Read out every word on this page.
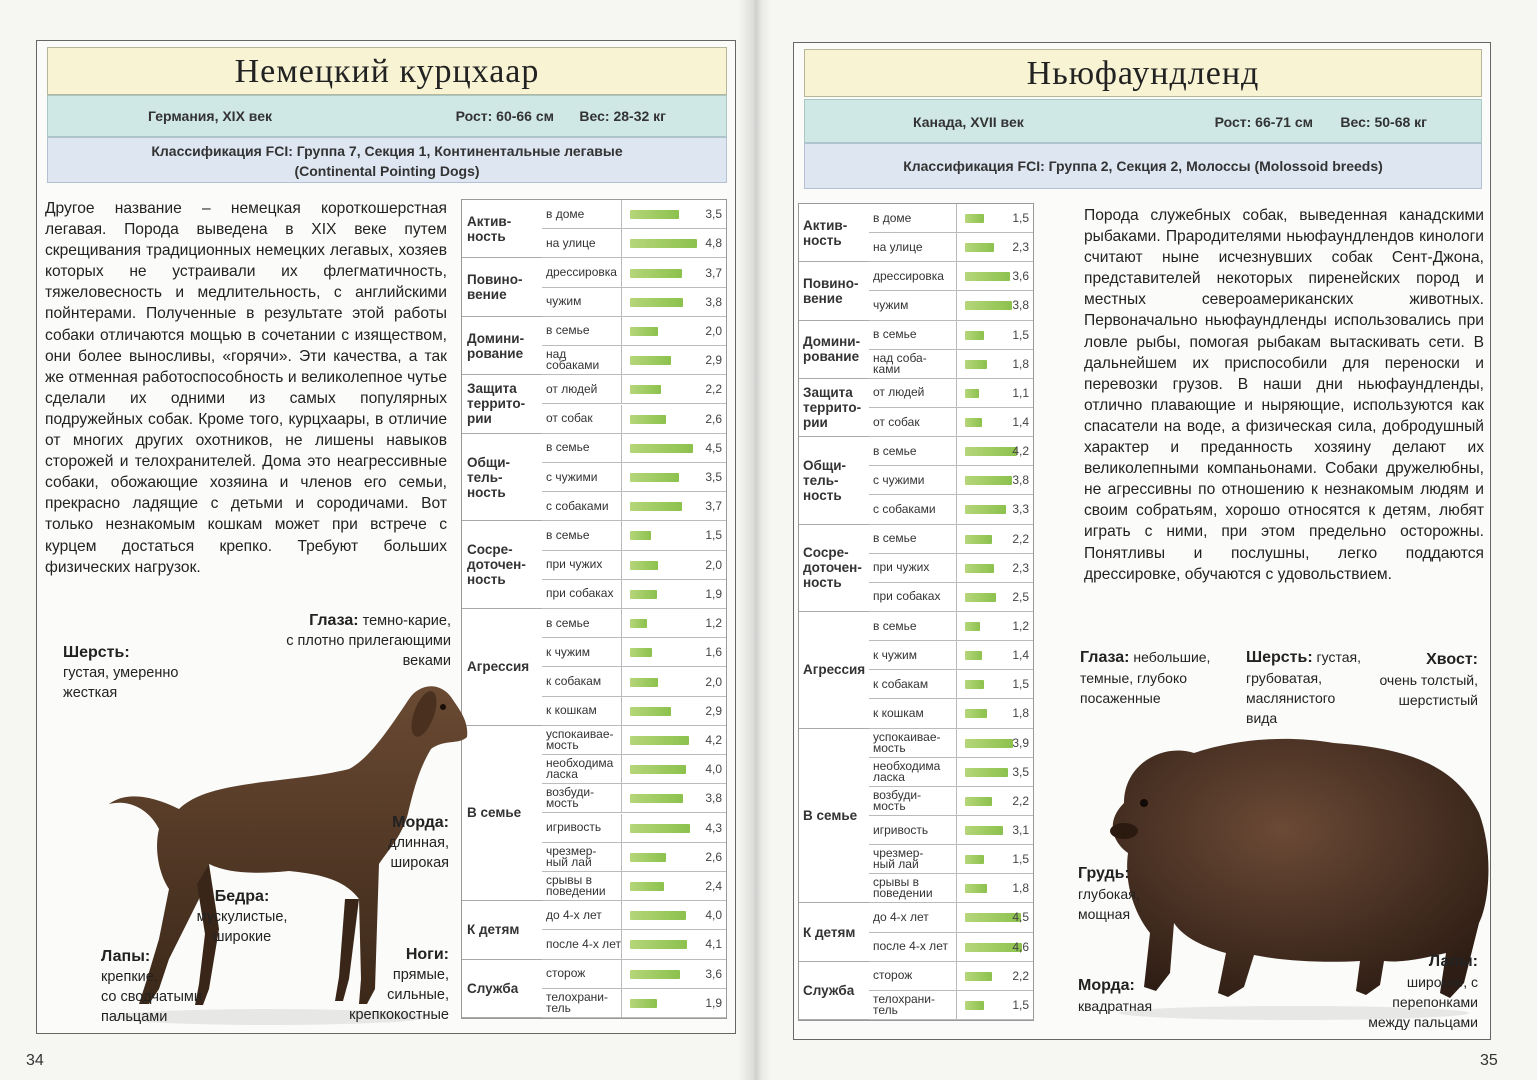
Немецкий курцхаар
Германия, XIX век	Рост: 60-66 см Вес: 28-32 кг
Классификация FCI: Группа 7, Секция 1, Континентальные легавые
(Continental Pointing Dogs)
Другое название – немецкая короткошерстная легавая. Порода выведена в XIX веке путем скрещивания традиционных немецких легавых, хозяев которых не устраивали их флегматичность, тяжеловесность и медлительность, с английскими пойнтерами. Полученные в результате этой работы собаки отличаются мощью в сочетании с изяществом, они более выносливы, «горячи». Эти качества, а так же отменная работоспособность и великолепное чутье сделали их одними из самых популярных подружейных собак. Кроме того, курцхаары, в отличие от многих других охотников, не лишены навыков сторожей и телохранителей. Дома это неагрессивные собаки, обожающие хозяина и членов его семьи, прекрасно ладящие с детьми и сородичами. Вот только незнакомым кошкам может при встрече с курцем достаться крепко. Требуют больших физических нагрузок.
Актив-
ность
в доме	3,5
на улице	4,8
Повино-
вение
дрессировка	3,7
чужим	3,8
Домини-
рование
в семье	2,0
над собаками	2,9
Защита
террито-
рии
от людей	2,2
от собак	2,6
Общи-
тель-
ность
в семье	4,5
с чужими	3,5
с собаками	3,7
Сосре-
доточен-
ность
в семье	1,5
при чужих	2,0
при собаках	1,9
Агрессия
в семье	1,2
к чужим	1,6
к собакам	2,0
к кошкам	2,9
В семье
успокаивае-
мость	4,2
необходима
ласка	4,0
возбуди-
мость	3,8
игривость	4,3
чрезмер-
ный лай	2,6
срывы в
поведении	2,4
К детям
до 4-х лет	4,0
после 4-х лет	4,1
Служба
сторож	3,6
телохрани-
тель	1,9
Глаза: темно-карие,
с плотно прилегающими веками
Шерсть:
густая, умеренно
жесткая
Морда:
длинная,
широкая
Бедра:
мускулистые,
широкие
Лапы:
крепкие,
со сводчатыми
пальцами
Ноги:
прямые,
сильные,
крепкокостные
Ньюфаундленд
Канада, XVII век	Рост: 66-71 см Вес: 50-68 кг
Классификация FCI: Группа 2, Секция 2, Молоссы (Molossoid breeds)
Актив-
ность
в доме	1,5
на улице	2,3
Повино-
вение
дрессировка	3,6
чужим	3,8
Домини-
рование
в семье	1,5
над соба-
ками	1,8
Защита
террито-
рии
от людей	1,1
от собак	1,4
Общи-
тель-
ность
в семье	4,2
с чужими	3,8
с собаками	3,3
Сосре-
доточен-
ность
в семье	2,2
при чужих	2,3
при собаках	2,5
Агрессия
в семье	1,2
к чужим	1,4
к собакам	1,5
к кошкам	1,8
В семье
успокаивае-
мость	3,9
необходима
ласка	3,5
возбуди-
мость	2,2
игривость	3,1
чрезмер-
ный лай	1,5
срывы в
поведении	1,8
К детям
до 4-х лет	4,5
после 4-х лет	4,6
Служба
сторож	2,2
телохрани-
тель	1,5
Порода служебных собак, выведенная канадскими рыбаками. Прародителями ньюфаундлендов кинологи считают ныне исчезнувших собак Сент-Джона, представителей некоторых пиренейских пород и местных североамериканских животных. Первоначально ньюфаундленды использовались при ловле рыбы, помогая рыбакам вытаскивать сети. В дальнейшем их приспособили для переноски и перевозки грузов. В наши дни ньюфаундленды, отлично плавающие и ныряющие, используются как спасатели на воде, а физическая сила, добродушный характер и преданность хозяину делают их великолепными компаньонами. Собаки дружелюбны, не агрессивны по отношению к незнакомым людям и своим собратьям, хорошо относятся к детям, любят играть с ними, при этом предельно осторожны. Понятливы и послушны, легко поддаются дрессировке, обучаются с удовольствием.
Глаза: небольшие,
темные, глубоко
посаженные
Шерсть: густая,
грубоватая,
маслянистого
вида
Хвост:
очень толстый,
шерстистый
Грудь:
глубокая,
мощная
Морда:
квадратная
Лапы:
широкие, с
перепонками
между пальцами
34	35
